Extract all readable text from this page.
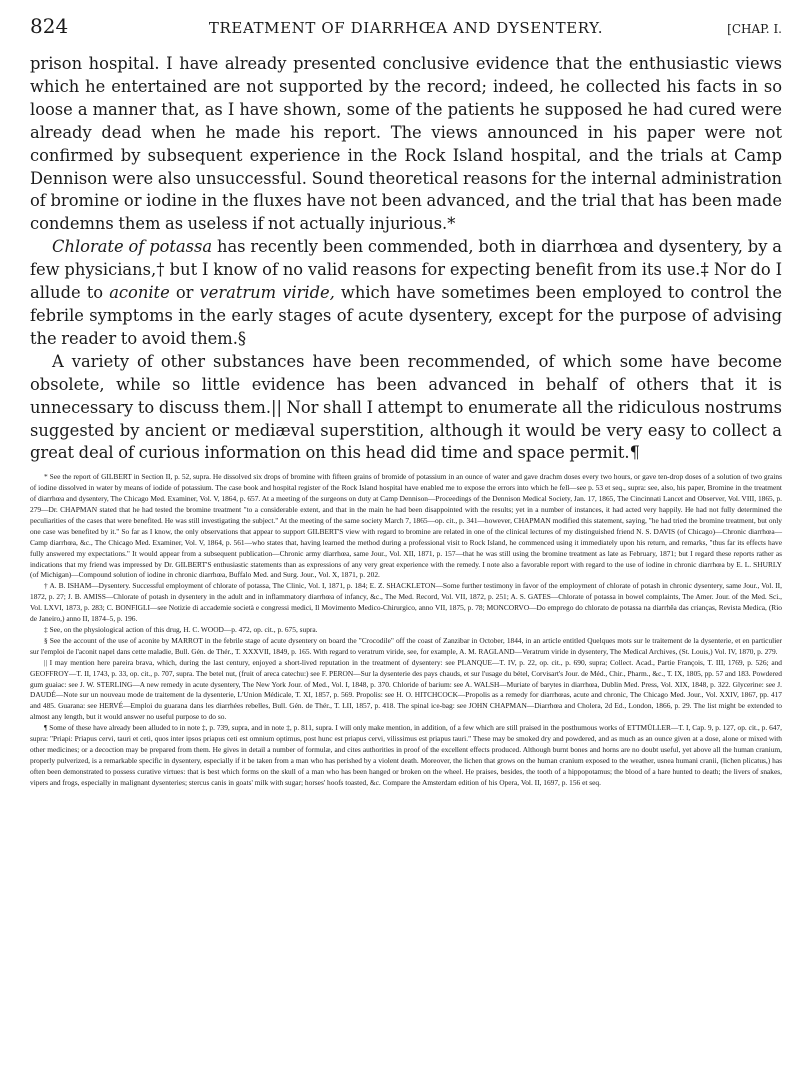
824	TREATMENT OF DIARRHŒA AND DYSENTERY.	[CHAP. I.

prison hospital. I have already presented conclusive evidence that the enthusiastic views which he entertained are not supported by the record; indeed, he collected his facts in so loose a manner that, as I have shown, some of the patients he supposed he had cured were already dead when he made his report. The views announced in his paper were not confirmed by subsequent experience in the Rock Island hospital, and the trials at Camp Dennison were also unsuccessful. Sound theoretical reasons for the internal administration of bromine or iodine in the fluxes have not been advanced, and the trial that has been made condemns them as useless if not actually injurious.*

Chlorate of potassa has recently been commended, both in diarrhœa and dysentery, by a few physicians,† but I know of no valid reasons for expecting benefit from its use.‡ Nor do I allude to aconite or veratrum viride, which have sometimes been employed to control the febrile symptoms in the early stages of acute dysentery, except for the purpose of advising the reader to avoid them.§

A variety of other substances have been recommended, of which some have become obsolete, while so little evidence has been advanced in behalf of others that it is unnecessary to discuss them.|| Nor shall I attempt to enumerate all the ridiculous nostrums suggested by ancient or mediæval superstition, although it would be very easy to collect a great deal of curious information on this head did time and space permit.¶

* See the report of GILBERT in Section II, p. 52, supra. He dissolved six drops of bromine with fifteen grains of bromide of potassium in an ounce of water and gave drachm doses every two hours, or gave ten-drop doses of a solution of two grains of iodine dissolved in water by means of iodide of potassium. The case book and hospital register of the Rock Island hospital have enabled me to expose the errors into which he fell—see p. 53 et seq., supra: see, also, his paper, Bromine in the treatment of diarrhœa and dysentery, The Chicago Med. Examiner, Vol. V, 1864, p. 657. At a meeting of the surgeons on duty at Camp Dennison—Proceedings of the Dennison Medical Society, Jan. 17, 1865, The Cincinnati Lancet and Observer, Vol. VIII, 1865, p. 279—Dr. CHAPMAN stated that he had tested the bromine treatment "to a considerable extent, and that in the main he had been disappointed with the results; yet in a number of instances, it had acted very happily. He had not fully determined the peculiarities of the cases that were benefited. He was still investigating the subject." At the meeting of the same society March 7, 1865—op. cit., p. 341—however, CHAPMAN modified this statement, saying, "he had tried the bromine treatment, but only one case was benefited by it." So far as I know, the only observations that appear to support GILBERT'S view with regard to bromine are related in one of the clinical lectures of my distinguished friend N. S. DAVIS (of Chicago)—Chronic diarrhœa—Camp diarrhœa, &c., The Chicago Med. Examiner, Vol. V, 1864, p. 561—who states that, having learned the method during a professional visit to Rock Island, he commenced using it immediately upon his return, and remarks, "thus far its effects have fully answered my expectations." It would appear from a subsequent publication—Chronic army diarrhœa, same Jour., Vol. XII, 1871, p. 157—that he was still using the bromine treatment as late as February, 1871; but I regard these reports rather as indications that my friend was impressed by Dr. GILBERT'S enthusiastic statements than as expressions of any very great experience with the remedy. I note also a favorable report with regard to the use of iodine in chronic diarrhœa by E. L. SHURLY (of Michigan)—Compound solution of iodine in chronic diarrhœa, Buffalo Med. and Surg. Jour., Vol. X, 1871, p. 202.

† A. B. ISHAM—Dysentery. Successful employment of chlorate of potassa, The Clinic, Vol. I, 1871, p. 184; E. Z. SHACKLETON—Some further testimony in favor of the employment of chlorate of potash in chronic dysentery, same Jour., Vol. II, 1872, p. 27; J. B. AMISS—Chlorate of potash in dysentery in the adult and in inflammatory diarrhœa of infancy, &c., The Med. Record, Vol. VII, 1872, p. 251; A. S. GATES—Chlorate of potassa in bowel complaints, The Amer. Jour. of the Med. Sci., Vol. LXVI, 1873, p. 283; C. BONFIGLI—see Notizie di accademie società e congressi medici, Il Movimento Medico-Chirurgico, anno VII, 1875, p. 78; MONCORVO—Do emprego do chlorato de potassa na diarrhêa das crianças, Revista Medica, (Rio de Janeiro,) anno II, 1874–5, p. 196.

‡ See, on the physiological action of this drug, H. C. WOOD—p. 472, op. cit., p. 675, supra.

§ See the account of the use of aconite by MARROT in the febrile stage of acute dysentery on board the "Crocodile" off the coast of Zanzibar in October, 1844, in an article entitled Quelques mots sur le traitement de la dysenterie, et en particulier sur l'emploi de l'aconit napel dans cette maladie, Bull. Gén. de Thér., T. XXXVII, 1849, p. 165. With regard to veratrum viride, see, for example, A. M. RAGLAND—Veratrum viride in dysentery, The Medical Archives, (St. Louis,) Vol. IV, 1870, p. 279.

|| I may mention here pareira brava, which, during the last century, enjoyed a short-lived reputation in the treatment of dysentery: see PLANQUE—T. IV, p. 22, op. cit., p. 690, supra; Collect. Acad., Partie François, T. III, 1769, p. 526; and GEOFFROY—T. II, 1743, p. 33, op. cit., p. 707, supra. The betel nut, (fruit of areca catechu:) see F. PERON—Sur la dysenterie des pays chauds, et sur l'usage du bétel, Corvisart's Jour. de Méd., Chir., Pharm., &c., T. IX, 1805, pp. 57 and 183. Powdered gum guaiac: see J. W. STERLING—A new remedy in acute dysentery, The New York Jour. of Med., Vol. I, 1848, p. 370. Chloride of barium: see A. WALSH—Muriate of barytes in diarrhœa, Dublin Med. Press, Vol. XIX, 1848, p. 322. Glycerine: see J. DAUDÉ—Note sur un nouveau mode de traitement de la dysenterie, L'Union Médicale, T. XI, 1857, p. 569. Propolis: see H. O. HITCHCOCK—Propolis as a remedy for diarrhœas, acute and chronic, The Chicago Med. Jour., Vol. XXIV, 1867, pp. 417 and 485. Guarana: see HERVÉ—Emploi du guarana dans les diarrhées rebelles, Bull. Gén. de Thér., T. LII, 1857, p. 418. The spinal ice-bag: see JOHN CHAPMAN—Diarrhœa and Cholera, 2d Ed., London, 1866, p. 29. The list might be extended to almost any length, but it would answer no useful purpose to do so.

¶ Some of these have already been alluded to in note ‡, p. 739, supra, and in note ‡, p. 811, supra. I will only make mention, in addition, of a few which are still praised in the posthumous works of ETTMÜLLER—T. I, Cap. 9, p. 127, op. cit., p. 647, supra: "Priapi: Priapus cervi, tauri et ceti, quos inter ipsos priapus ceti est omnium optimus, post hunc est priapus cervi, vilissimus est priapus tauri." These may be smoked dry and powdered, and as much as an ounce given at a dose, alone or mixed with other medicines; or a decoction may be prepared from them. He gives in detail a number of formulæ, and cites authorities in proof of the excellent effects produced. Although burnt bones and horns are no doubt useful, yet above all the human cranium, properly pulverized, is a remarkable specific in dysentery, especially if it be taken from a man who has perished by a violent death. Moreover, the lichen that grows on the human cranium exposed to the weather, usnea humani cranii, (lichen plicatus,) has often been demonstrated to possess curative virtues: that is best which forms on the skull of a man who has been hanged or broken on the wheel. He praises, besides, the tooth of a hippopotamus; the blood of a hare hunted to death; the livers of snakes, vipers and frogs, especially in malignant dysenteries; stercus canis in goats' milk with sugar; horses' hoofs toasted, &c. Compare the Amsterdam edition of his Opera, Vol. II, 1697, p. 156 et seq.
